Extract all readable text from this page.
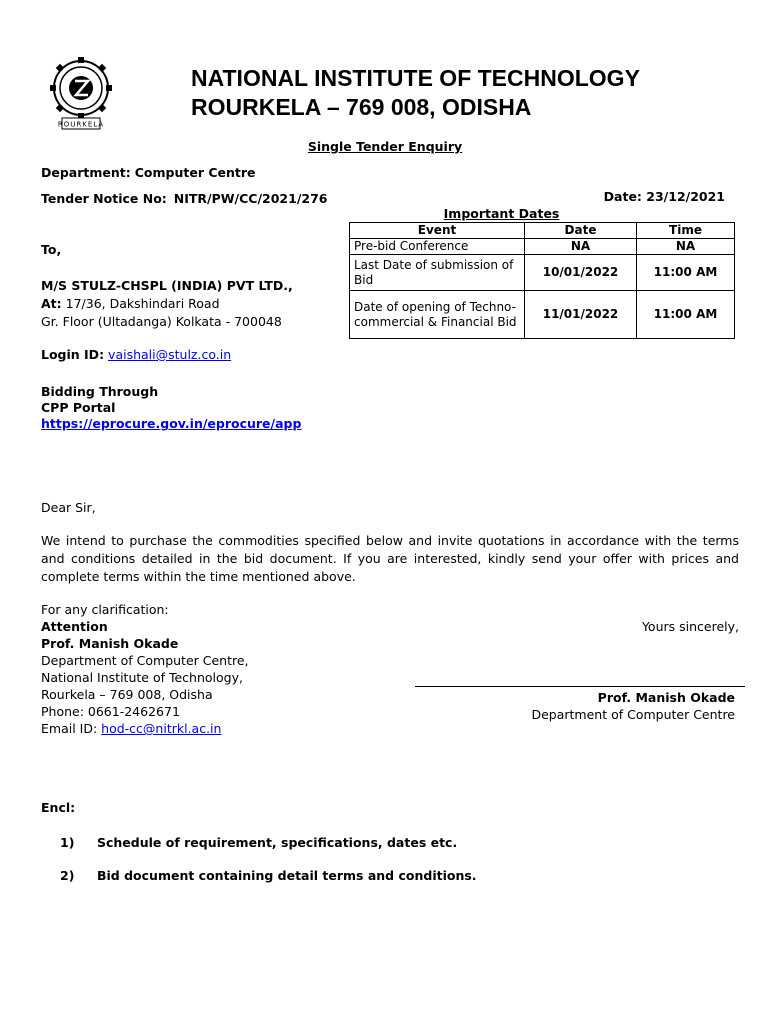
ROURKELA
NATIONAL INSTITUTE OF TECHNOLOGY
ROURKELA – 769 008, ODISHA
Single Tender Enquiry
Department: Computer Centre
Tender Notice No: NITR/PW/CC/2021/276	Date: 23/12/2021
To,
M/S STULZ-CHSPL (INDIA) PVT LTD.,
At: 17/36, Dakshindari Road
Gr. Floor (Ultadanga) Kolkata - 700048
Important Dates
Event	Date	Time
Pre-bid Conference	NA	NA
Last Date of submission of Bid	10/01/2022	11:00 AM
Date of opening of Techno-commercial & Financial Bid	11/01/2022	11:00 AM
Login ID: vaishali@stulz.co.in
Bidding Through
CPP Portal
https://eprocure.gov.in/eprocure/app
Dear Sir,
We intend to purchase the commodities specified below and invite quotations in accordance with the terms and conditions detailed in the bid document. If you are interested, kindly send your offer with prices and complete terms within the time mentioned above.
For any clarification:
Attention
Prof. Manish Okade
Department of Computer Centre,
National Institute of Technology,
Rourkela – 769 008, Odisha
Phone: 0661-2462671
Email ID: hod-cc@nitrkl.ac.in
Yours sincerely,
Prof. Manish Okade
Department of Computer Centre
Encl:
1) Schedule of requirement, specifications, dates etc.
2) Bid document containing detail terms and conditions.
